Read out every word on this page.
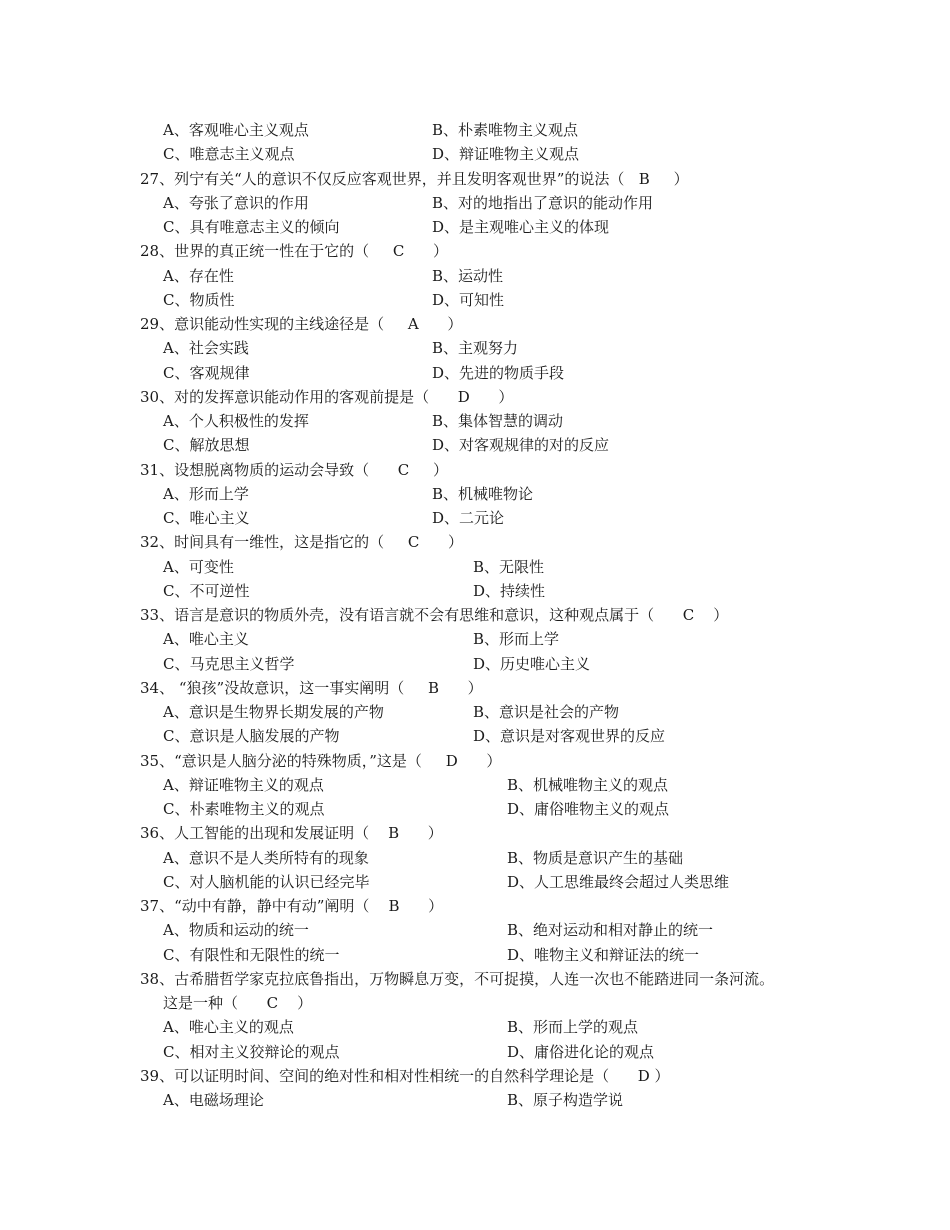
A、客观唯心主义观点	B、朴素唯物主义观点
C、唯意志主义观点	D、辩证唯物主义观点
27、列宁有关“人的意识不仅反应客观世界，并且发明客观世界”的说法（   B     ）
A、夸张了意识的作用	B、对的地指出了意识的能动作用
C、具有唯意志主义的倾向	D、是主观唯心主义的体现
28、世界的真正统一性在于它的（     C      ）
A、存在性	B、运动性
C、物质性	D、可知性
29、意识能动性实现的主线途径是（     A      ）
A、社会实践	B、主观努力
C、客观规律	D、先进的物质手段
30、对的发挥意识能动作用的客观前提是（      D      ）
A、个人积极性的发挥	B、集体智慧的调动
C、解放思想	D、对客观规律的对的反应
31、设想脱离物质的运动会导致（      C     ）
A、形而上学	B、机械唯物论
C、唯心主义	D、二元论
32、时间具有一维性，这是指它的（     C      ）
A、可变性	B、无限性
C、不可逆性	D、持续性
33、语言是意识的物质外壳，没有语言就不会有思维和意识，这种观点属于（      C    ）
A、唯心主义	B、形而上学
C、马克思主义哲学	D、历史唯心主义
34、 “狼孩”没故意识，这一事实阐明（     B      ）
A、意识是生物界长期发展的产物	B、意识是社会的产物
C、意识是人脑发展的产物	D、意识是对客观世界的反应
35、“意识是人脑分泌的特殊物质，”这是（     D      ）
A、辩证唯物主义的观点	B、机械唯物主义的观点
C、朴素唯物主义的观点	D、庸俗唯物主义的观点
36、人工智能的出现和发展证明（    B      ）
A、意识不是人类所特有的现象	B、物质是意识产生的基础
C、对人脑机能的认识已经完毕	D、人工思维最终会超过人类思维
37、“动中有静，静中有动”阐明（    B      ）
A、物质和运动的统一	B、绝对运动和相对静止的统一
C、有限性和无限性的统一	D、唯物主义和辩证法的统一
38、古希腊哲学家克拉底鲁指出，万物瞬息万变，不可捉摸，人连一次也不能踏进同一条河流。
这是一种（      C    ）
A、唯心主义的观点	B、形而上学的观点
C、相对主义狡辩论的观点	D、庸俗进化论的观点
39、可以证明时间、空间的绝对性和相对性相统一的自然科学理论是（      D ）
A、电磁场理论	B、原子构造学说
